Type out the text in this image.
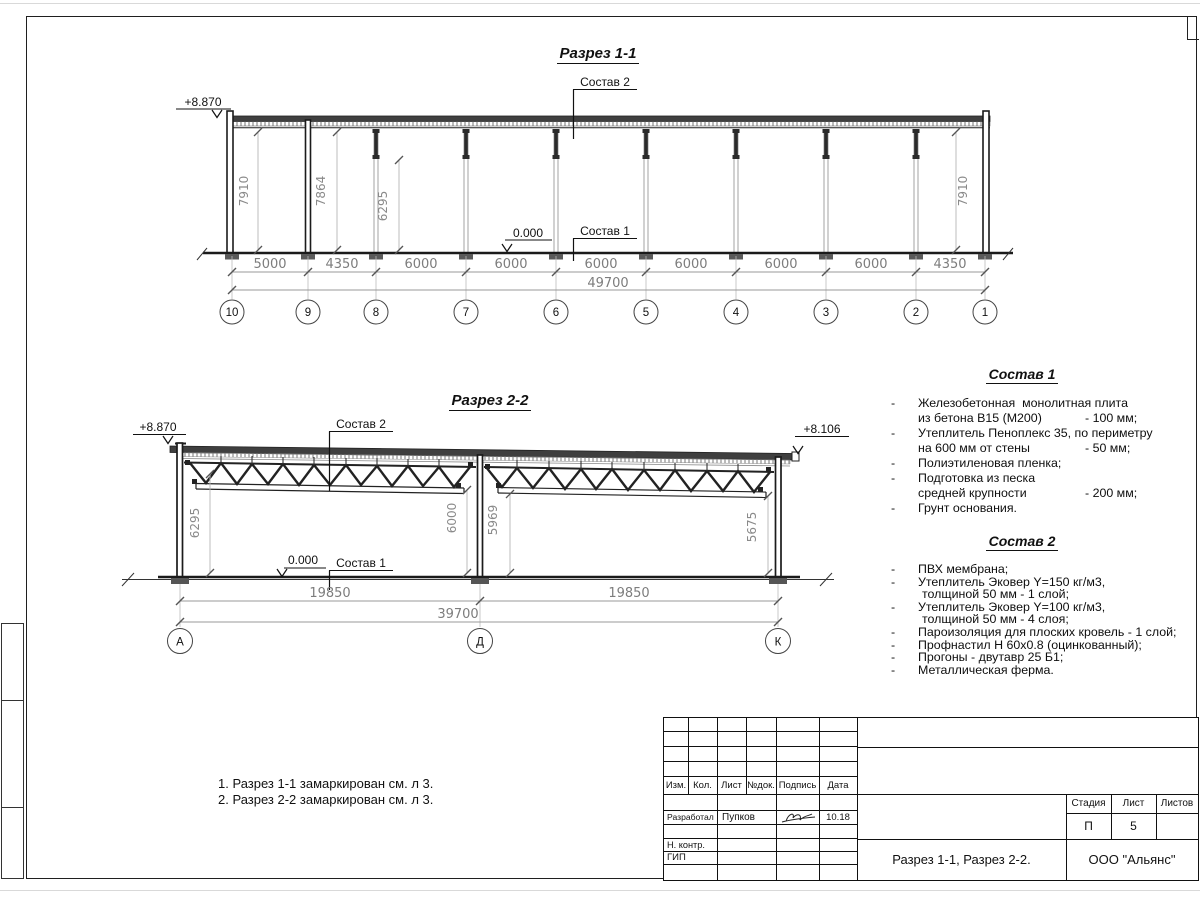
+8.870
0.000
Состав 2
Состав 1
7910	7864	6295	7910
5000	4350	6000	6000	6000	6000	6000	6000	4350
49700
10	9	8	7	6	5	4	3	2	1
+8.870	+8.106
0.000
Состав 2
Состав 1
6295	6000 5969	5675
19850	19850
39700
А	Д	К
Разрез 1-1
Разрез 2-2
Состав 1
- Железобетонная  монолитная плита
из бетона В15 (М200)	- 100 мм;
- Утеплитель Пеноплекс 35, по периметру
на 600 мм от стены	- 50 мм;
- Полиэтиленовая пленка;
- Подготовка из песка
средней крупности	- 200 мм;
- Грунт основания.
Состав 2
- ПВХ мембрана;
- Утеплитель Эковер Y=150 кг/м3,
толщиной 50 мм - 1 слой;
- Утеплитель Эковер Y=100 кг/м3,
толщиной 50 мм - 4 слоя;
- Пароизоляция для плоских кровель - 1 слой;
- Профнастил Н 60х0.8 (оцинкованный);
- Прогоны - двутавр 25 Б1;
- Металлическая ферма.
1. Разрез 1-1 замаркирован см. л 3.
2. Разрез 2-2 замаркирован см. л 3.
Изм. Кол. Лист №док. Подпись	Дата
Разработал Пупков	10.18
Н. контр.
ГИП
Стадия	Лист	Листов
П	5
Разрез 1-1, Разрез 2-2.	ООО "Альянс"
